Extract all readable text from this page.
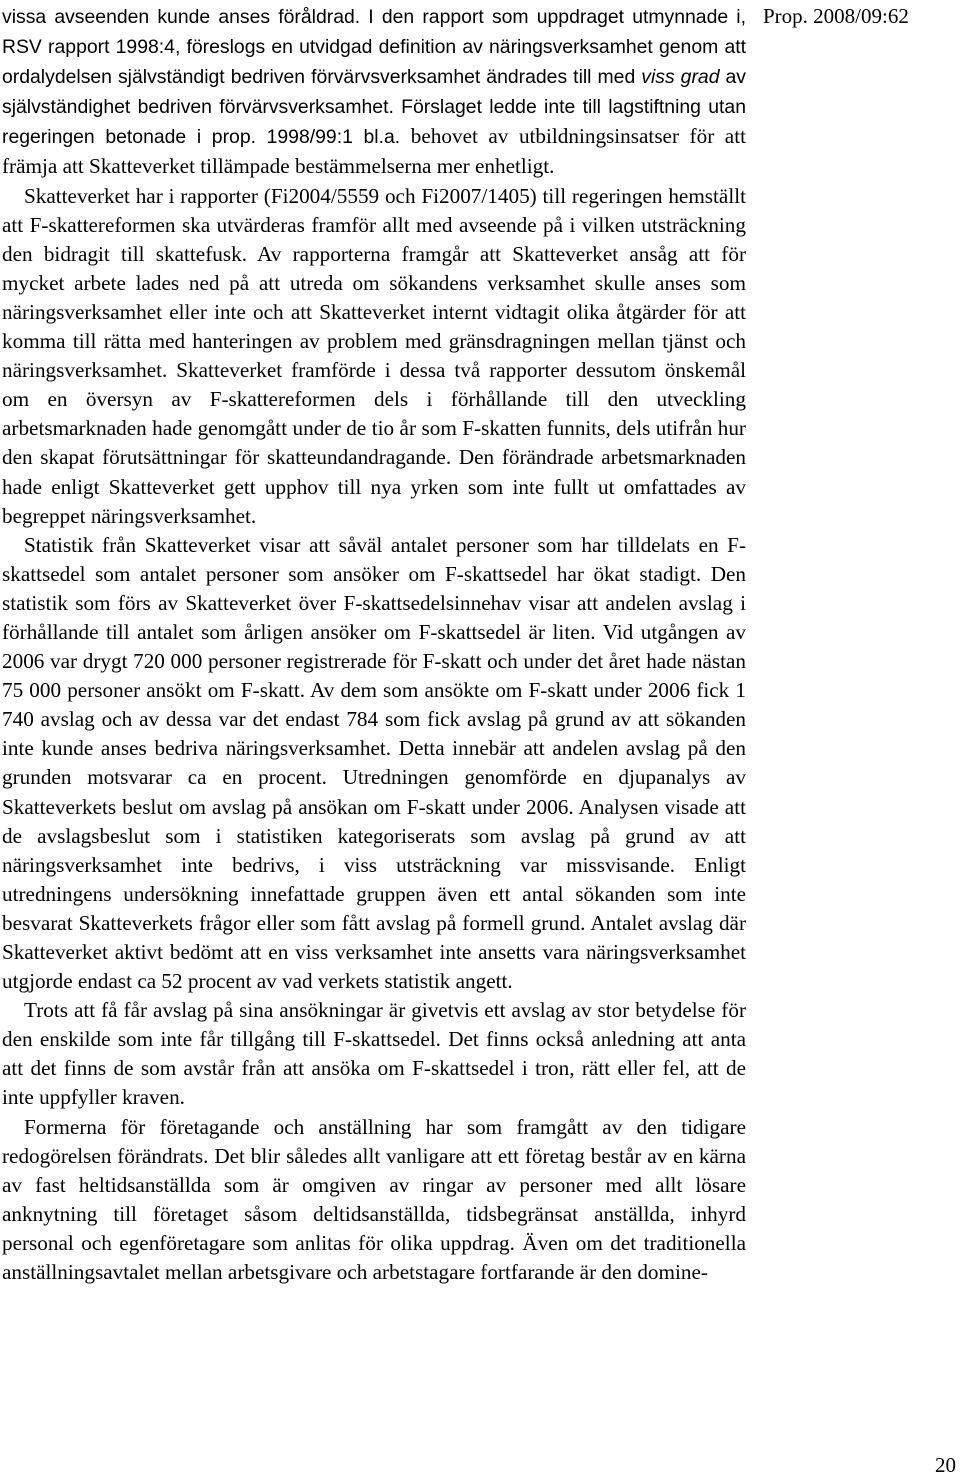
Prop. 2008/09:62

vissa avseenden kunde anses föråldrad. I den rapport som uppdraget utmynnade i, RSV rapport 1998:4, föreslogs en utvidgad definition av näringsverksamhet genom att ordalydelsen självständigt bedriven förvärvsverksamhet ändrades till med viss grad av självständighet bedriven förvärvsverksamhet. Förslaget ledde inte till lagstiftning utan regeringen betonade i prop. 1998/99:1 bl.a. behovet av utbildningsinsatser för att främja att Skatteverket tillämpade bestämmelserna mer enhetligt.

Skatteverket har i rapporter (Fi2004/5559 och Fi2007/1405) till regeringen hemställt att F-skattereformen ska utvärderas framför allt med avseende på i vilken utsträckning den bidragit till skattefusk. Av rapporterna framgår att Skatteverket ansåg att för mycket arbete lades ned på att utreda om sökandens verksamhet skulle anses som näringsverksamhet eller inte och att Skatteverket internt vidtagit olika åtgärder för att komma till rätta med hanteringen av problem med gränsdragningen mellan tjänst och näringsverksamhet. Skatteverket framförde i dessa två rapporter dessutom önskemål om en översyn av F-skattereformen dels i förhållande till den utveckling arbetsmarknaden hade genomgått under de tio år som F-skatten funnits, dels utifrån hur den skapat förutsättningar för skatteundandragande. Den förändrade arbetsmarknaden hade enligt Skatteverket gett upphov till nya yrken som inte fullt ut omfattades av begreppet näringsverksamhet.

Statistik från Skatteverket visar att såväl antalet personer som har tilldelats en F-skattsedel som antalet personer som ansöker om F-skattsedel har ökat stadigt. Den statistik som förs av Skatteverket över F-skattsedelsinnehav visar att andelen avslag i förhållande till antalet som årligen ansöker om F-skattsedel är liten. Vid utgången av 2006 var drygt 720 000 personer registrerade för F-skatt och under det året hade nästan 75 000 personer ansökt om F-skatt. Av dem som ansökte om F-skatt under 2006 fick 1 740 avslag och av dessa var det endast 784 som fick avslag på grund av att sökanden inte kunde anses bedriva näringsverksamhet. Detta innebär att andelen avslag på den grunden motsvarar ca en procent. Utredningen genomförde en djupanalys av Skatteverkets beslut om avslag på ansökan om F-skatt under 2006. Analysen visade att de avslagsbeslut som i statistiken kategoriserats som avslag på grund av att näringsverksamhet inte bedrivs, i viss utsträckning var missvisande. Enligt utredningens undersökning innefattade gruppen även ett antal sökanden som inte besvarat Skatteverkets frågor eller som fått avslag på formell grund. Antalet avslag där Skatteverket aktivt bedömt att en viss verksamhet inte ansetts vara näringsverksamhet utgjorde endast ca 52 procent av vad verkets statistik angett.

Trots att få får avslag på sina ansökningar är givetvis ett avslag av stor betydelse för den enskilde som inte får tillgång till F-skattsedel. Det finns också anledning att anta att det finns de som avstår från att ansöka om F-skattsedel i tron, rätt eller fel, att de inte uppfyller kraven.

Formerna för företagande och anställning har som framgått av den tidigare redogörelsen förändrats. Det blir således allt vanligare att ett företag består av en kärna av fast heltidsanställda som är omgiven av ringar av personer med allt lösare anknytning till företaget såsom deltidsanställda, tidsbegränsat anställda, inhyrd personal och egenföretagare som anlitas för olika uppdrag. Även om det traditionella anställningsavtalet mellan arbetsgivare och arbetstagare fortfarande är den domine-

20
